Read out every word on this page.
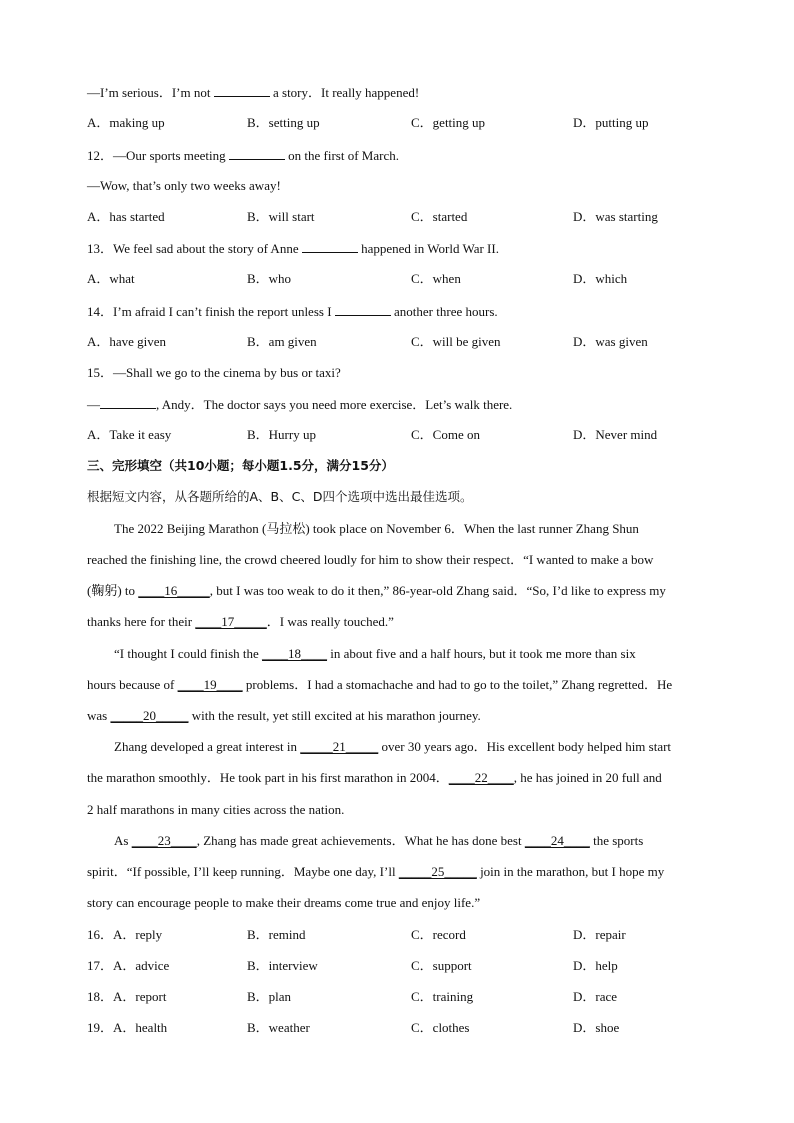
—I’m serious．I’m not	a story．It really happened!
A．making up	B．setting up	C．getting up	D．putting up
12．—Our sports meeting	on the first of March.
—Wow, that’s only two weeks away!
A．has started	B．will start	C．started	D．was starting
13．We feel sad about the story of Anne	happened in World War II.
A．what	B．who	C．when	D．which
14．I’m afraid I can’t finish the report unless I	another three hours.
A．have given	B．am given	C．will be given	D．was given
15．—Shall we go to the cinema by bus or taxi?
—	, Andy．The doctor says you need more exercise．Let’s walk there.
A．Take it easy	B．Hurry up	C．Come on	D．Never mind
三、完形填空（共10小题；每小题1.5分，满分15分）
根据短文内容，从各题所给的A、B、C、D四个选项中选出最佳选项。
The 2022 Beijing Marathon (马拉松) took place on November 6．When the last runner Zhang Shun
reached the finishing line, the crowd cheered loudly for him to show their respect．“I wanted to make a bow
(鞠躬) to ____16_____, but I was too weak to do it then,” 86-year-old Zhang said．“So, I’d like to express my
thanks here for their ____17_____．I was really touched.”
“I thought I could finish the ____18____ in about five and a half hours, but it took me more than six
hours because of ____19____ problems．I had a stomachache and had to go to the toilet,” Zhang regretted．He
was _____20_____ with the result, yet still excited at his marathon journey.
Zhang developed a great interest in _____21_____ over 30 years ago．His excellent body helped him start
the marathon smoothly．He took part in his first marathon in 2004．____22____, he has joined in 20 full and
2 half marathons in many cities across the nation.
As ____23____, Zhang has made great achievements．What he has done best ____24____ the sports
spirit．“If possible, I’ll keep running．Maybe one day, I’ll _____25_____ join in the marathon, but I hope my
story can encourage people to make their dreams come true and enjoy life.”
16．A．reply	B．remind	C．record	D．repair
17．A．advice	B．interview	C．support	D．help
18．A．report	B．plan	C．training	D．race
19．A．health	B．weather	C．clothes	D．shoe
